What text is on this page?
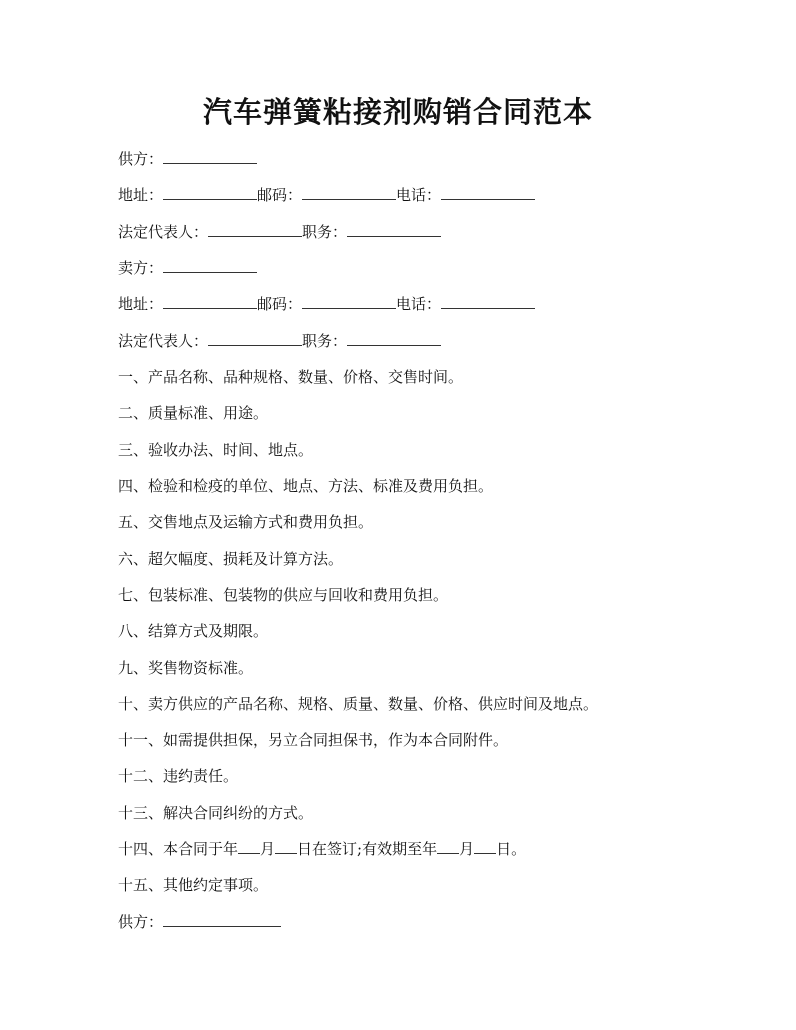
汽车弹簧粘接剂购销合同范本
供方：
地址：	邮码：	电话：
法定代表人：	职务：
卖方：
地址：	邮码：	电话：
法定代表人：	职务：
一、产品名称、品种规格、数量、价格、交售时间。
二、质量标准、用途。
三、验收办法、时间、地点。
四、检验和检疫的单位、地点、方法、标准及费用负担。
五、交售地点及运输方式和费用负担。
六、超欠幅度、损耗及计算方法。
七、包装标准、包装物的供应与回收和费用负担。
八、结算方式及期限。
九、奖售物资标准。
十、卖方供应的产品名称、规格、质量、数量、价格、供应时间及地点。
十一、如需提供担保，另立合同担保书，作为本合同附件。
十二、违约责任。
十三、解决合同纠纷的方式。
十四、本合同于年 月 日在签订;有效期至年 月 日。
十五、其他约定事项。
供方：
